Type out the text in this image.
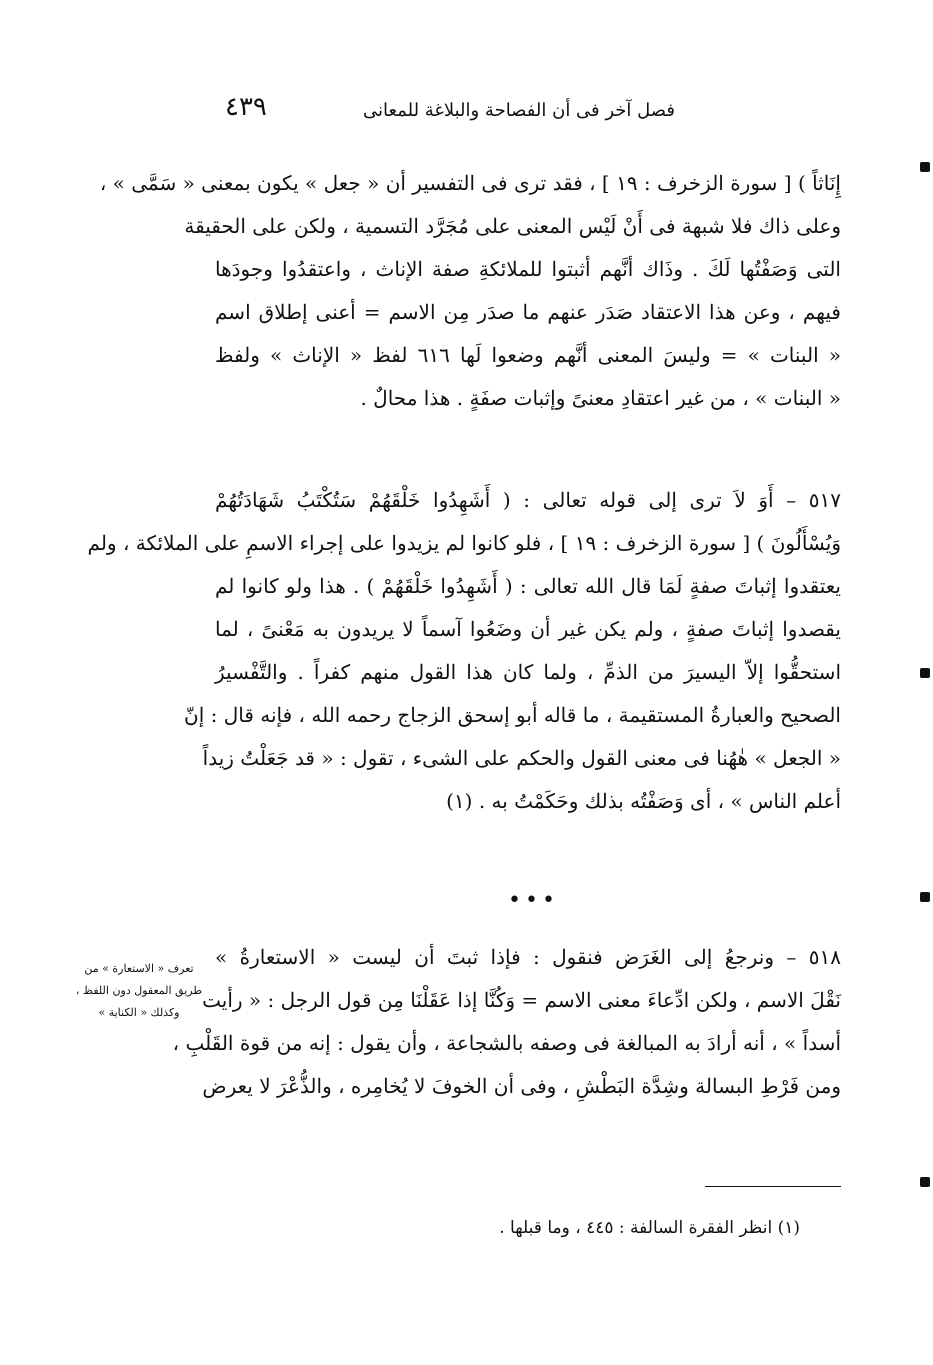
فصل آخر فى أن الفصاحة والبلاغة للمعانى
٤٣٩
إِنَاثاً ) [ سورة الزخرف : ١٩ ] ، فقد ترى فى التفسير أن « جعل » يكون بمعنى « سَمَّى » ،
وعلى ذاك فلا شبهة فى أَنْ لَيْس المعنى على مُجَرَّد التسمية ، ولكن على الحقيقة
التى وَصَفْتُها لَكَ . وذَاك أنَّهم أثبتوا للملائكةِ صفة الإناث ، واعتقدُوا وجودَها
فيهم ، وعن هذا الاعتقاد صَدَر عنهم ما صدَر مِن الاسم = أعنى إطلاق اسم
« البنات » = وليسَ المعنى أنَّهم وضعوا لَها ٦١٦ لفظ « الإناث » ولفظ
« البنات » ، من غير اعتقادِ معنىً وإثبات صفَةٍ . هذا محالٌ .
٥١٧ – أَوَ لاَ ترى إلى قوله تعالى : ( أَشَهِدُوا خَلْقَهُمْ سَتُكْتَبُ شَهَادَتُهُمْ
وَيُسْأَلُونَ ) [ سورة الزخرف : ١٩ ] ، فلو كانوا لم يزيدوا على إجراء الاسمِ على الملائكة ، ولم
يعتقدوا إثباتَ صفةٍ لَمَا قال الله تعالى : ( أَشَهِدُوا خَلْقَهُمْ ) . هذا ولو كانوا لم
يقصدوا إثباتَ صفةٍ ، ولم يكن غير أن وضَعُوا آسماً لا يريدون به مَعْنىً ، لما
استحقُّوا إلاّ اليسيرَ من الذمِّ ، ولما كان هذا القول منهم كفراً . والتَّفْسيرُ
الصحيح والعبارةُ المستقيمة ، ما قاله أبو إسحق الزجاج رحمه الله ، فإنه قال : إنّ
« الجعل » هٰهُنا فى معنى القول والحكم على الشىء ، تقول : « قد جَعَلْتُ زيداً
أعلم الناس » ، أى وَصَفْتُه بذلك وحَكَمْتُ به . (١)
•••
٥١٨ – ونرجعُ إلى الغَرَض فنقول : فإذا ثبتَ أن ليست « الاستعارةُ »
نَقْلَ الاسم ، ولكن ادِّعاءَ معنى الاسم = وَكُنَّا إذا عَقَلْنَا مِن قول الرجل : « رأيت
أسداً » ، أنه أرادَ به المبالغة فى وصفه بالشجاعة ، وأن يقول : إنه من قوة القَلْبِ ،
ومن فَرْطِ البسالة وشِدَّة البَطْشِ ، وفى أن الخوفَ لا يُخامِره ، والذُّعْرَ لا يعرض
تعرف « الاستعارة » من
طريق المعقول دون اللفظ ،
وكذلك « الكناية »
(١) انظر الفقرة السالفة : ٤٤٥ ، وما قبلها .
